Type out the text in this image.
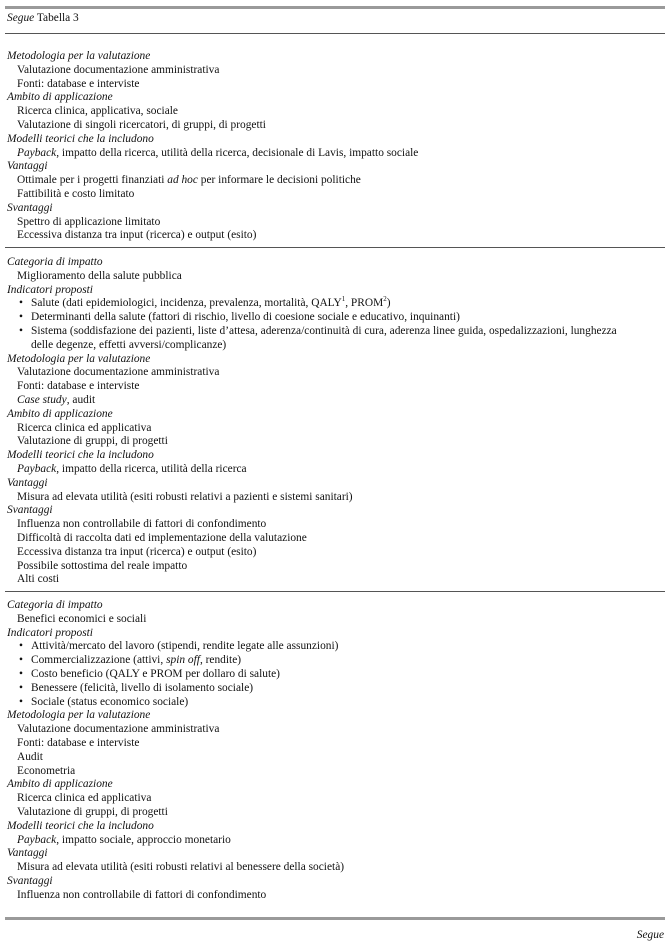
Segue Tabella 3
Metodologia per la valutazione
Valutazione documentazione amministrativa
Fonti: database e interviste
Ambito di applicazione
Ricerca clinica, applicativa, sociale
Valutazione di singoli ricercatori, di gruppi, di progetti
Modelli teorici che la includono
Payback, impatto della ricerca, utilità della ricerca, decisionale di Lavis, impatto sociale
Vantaggi
Ottimale per i progetti finanziati ad hoc per informare le decisioni politiche
Fattibilità e costo limitato
Svantaggi
Spettro di applicazione limitato
Eccessiva distanza tra input (ricerca) e output (esito)
Categoria di impatto
Miglioramento della salute pubblica
Indicatori proposti
• Salute (dati epidemiologici, incidenza, prevalenza, mortalità, QALY$^1$, PROM$^2$)
• Determinanti della salute (fattori di rischio, livello di coesione sociale e educativo, inquinanti)
• Sistema (soddisfazione dei pazienti, liste d’attesa, aderenza/continuità di cura, aderenza linee guida, ospedalizzazioni, lunghezza
delle degenze, effetti avversi/complicanze)
Metodologia per la valutazione
Valutazione documentazione amministrativa
Fonti: database e interviste
Case study, audit
Ambito di applicazione
Ricerca clinica ed applicativa
Valutazione di gruppi, di progetti
Modelli teorici che la includono
Payback, impatto della ricerca, utilità della ricerca
Vantaggi
Misura ad elevata utilità (esiti robusti relativi a pazienti e sistemi sanitari)
Svantaggi
Influenza non controllabile di fattori di confondimento
Difficoltà di raccolta dati ed implementazione della valutazione
Eccessiva distanza tra input (ricerca) e output (esito)
Possibile sottostima del reale impatto
Alti costi
Categoria di impatto
Benefici economici e sociali
Indicatori proposti
• Attività/mercato del lavoro (stipendi, rendite legate alle assunzioni)
• Commercializzazione (attivi, spin off, rendite)
• Costo beneficio (QALY e PROM per dollaro di salute)
• Benessere (felicità, livello di isolamento sociale)
• Sociale (status economico sociale)
Metodologia per la valutazione
Valutazione documentazione amministrativa
Fonti: database e interviste
Audit
Econometria
Ambito di applicazione
Ricerca clinica ed applicativa
Valutazione di gruppi, di progetti
Modelli teorici che la includono
Payback, impatto sociale, approccio monetario
Vantaggi
Misura ad elevata utilità (esiti robusti relativi al benessere della società)
Svantaggi
Influenza non controllabile di fattori di confondimento
Segue
